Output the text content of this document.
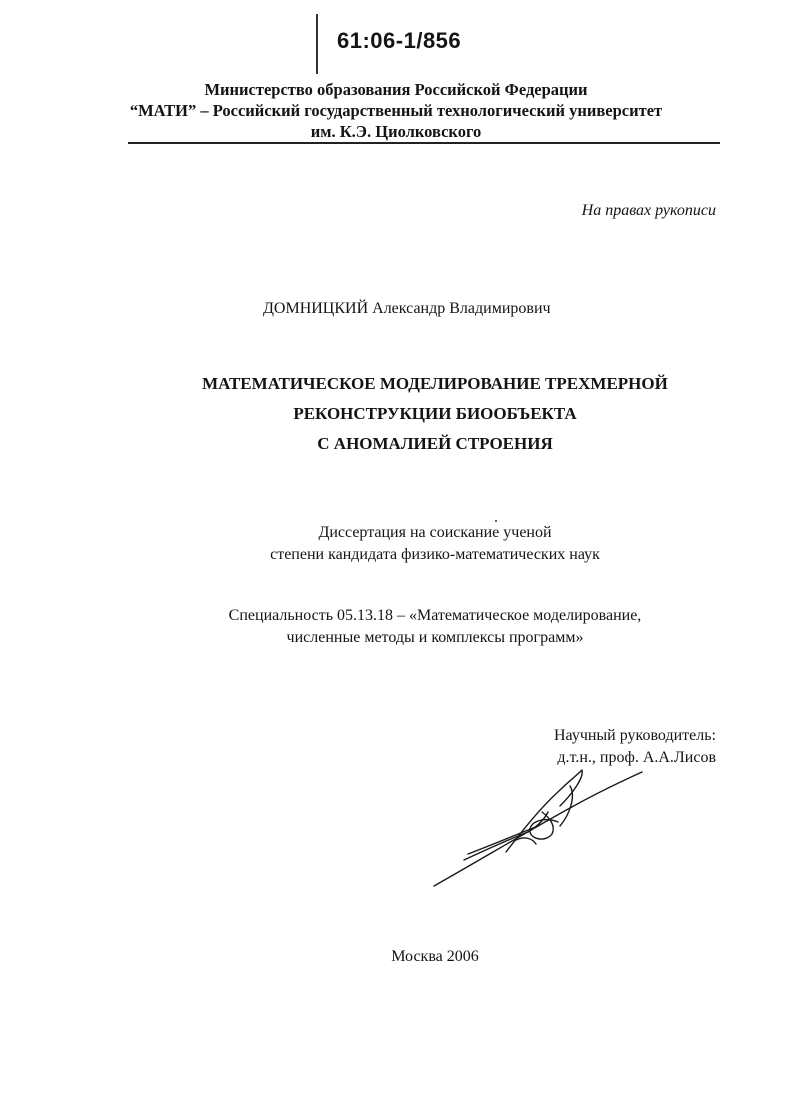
61:06-1/856
Министерство образования Российской Федерации
“МАТИ” – Российский государственный технологический университет
им. К.Э. Циолковского
На правах рукописи
ДОМНИЦКИЙ Александр Владимирович
МАТЕМАТИЧЕСКОЕ МОДЕЛИРОВАНИЕ ТРЕХМЕРНОЙ
РЕКОНСТРУКЦИИ БИООБЪЕКТА
С АНОМАЛИЕЙ СТРОЕНИЯ
Диссертация на соискание ученой
степени кандидата физико-математических наук
Специальность 05.13.18 – «Математическое моделирование,
численные методы и комплексы программ»
Научный руководитель:
д.т.н., проф. А.А.Лисов
Москва 2006
